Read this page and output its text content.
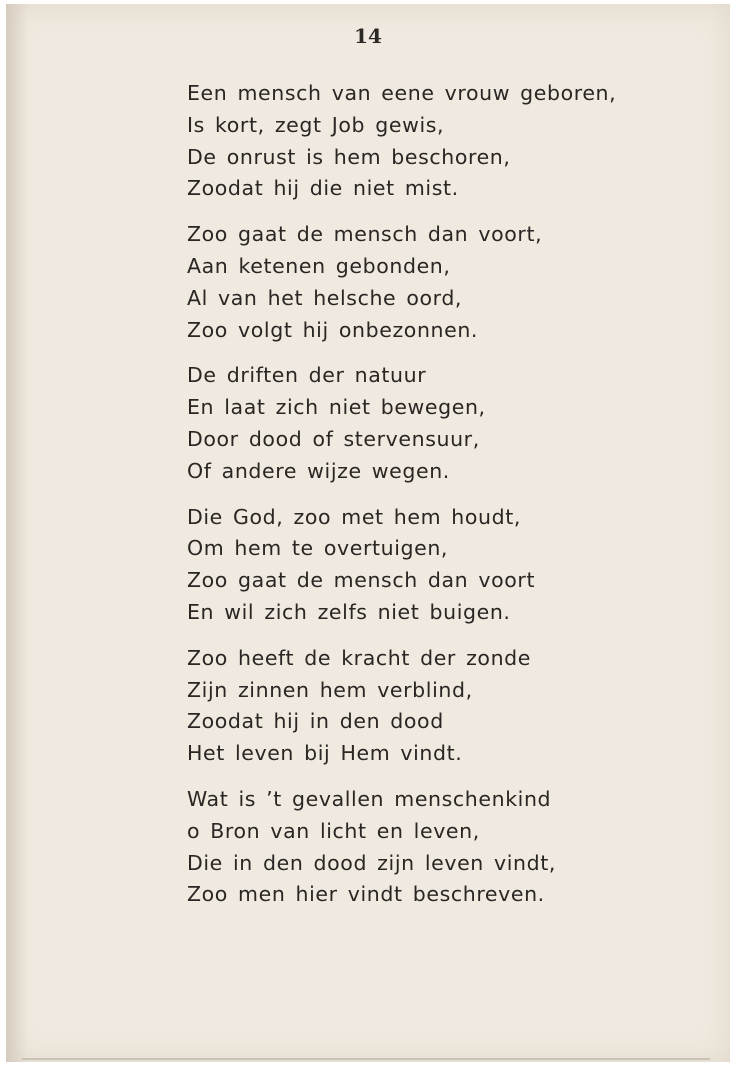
14
Een mensch van eene vrouw geboren,
Is kort, zegt Job gewis,
De onrust is hem beschoren,
Zoodat hij die niet mist.
Zoo gaat de mensch dan voort,
Aan ketenen gebonden,
Al van het helsche oord,
Zoo volgt hij onbezonnen.
De driften der natuur
En laat zich niet bewegen,
Door dood of stervensuur,
Of andere wijze wegen.
Die God, zoo met hem houdt,
Om hem te overtuigen,
Zoo gaat de mensch dan voort
En wil zich zelfs niet buigen.
Zoo heeft de kracht der zonde
Zijn zinnen hem verblind,
Zoodat hij in den dood
Het leven bij Hem vindt.
Wat is ’t gevallen menschenkind
o Bron van licht en leven,
Die in den dood zijn leven vindt,
Zoo men hier vindt beschreven.
